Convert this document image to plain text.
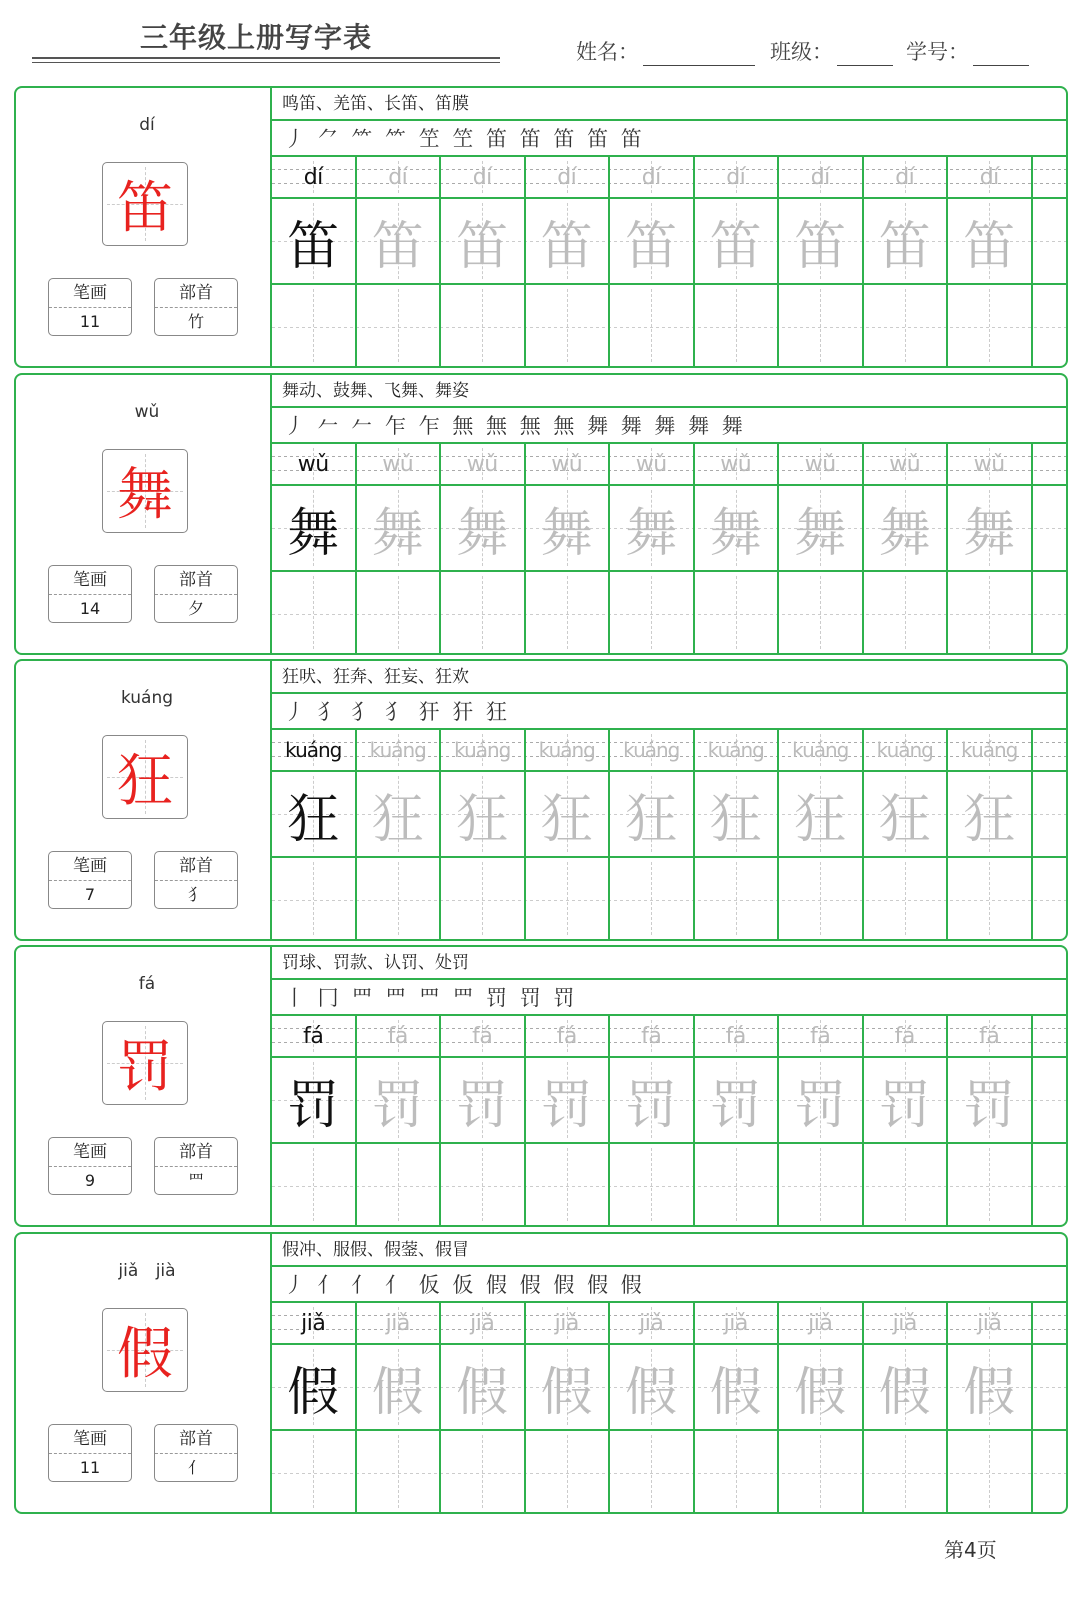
三年级上册写字表	姓名：	班级：	学号：
dí
笛
笔画
11
部首
竹
鸣笛、羌笛、长笛、笛膜
丿 ⺈ ⺮ ⺮ 笁 笁 笛 笛 笛 笛 笛
dí	dí	dí	dí	dí	dí	dí	dí	dí
笛 笛 笛 笛 笛 笛 笛 笛 笛
wǔ
舞
笔画
14
部首
夕
舞动、鼓舞、飞舞、舞姿
丿 𠂉 𠂉 乍 乍 無 無 無 無 舞 舞 舞 舞 舞
wǔ	wǔ	wǔ	wǔ	wǔ	wǔ	wǔ	wǔ	wǔ
舞 舞 舞 舞 舞 舞 舞 舞 舞
kuáng
狂
笔画
7
部首
犭
狂吠、狂奔、狂妄、狂欢
丿 犭 犭 犭 犴 犴 狂
kuáng	kuáng	kuáng	kuáng	kuáng	kuáng	kuáng	kuáng	kuáng
狂 狂 狂 狂 狂 狂 狂 狂 狂
fá
罚
笔画
9
部首
罒
罚球、罚款、认罚、处罚
丨 冂 罒 罒 罒 罒 罚 罚 罚
fá	fá	fá	fá	fá	fá	fá	fá	fá
罚 罚 罚 罚 罚 罚 罚 罚 罚
jiǎ jià
假
笔画
11
部首
亻
假冲、服假、假蓥、假冒
丿 亻 亻 亻 仮 仮 假 假 假 假 假
jiǎ	jiǎ	jiǎ	jiǎ	jiǎ	jiǎ	jiǎ	jiǎ	jiǎ
假 假 假 假 假 假 假 假 假
第4页
